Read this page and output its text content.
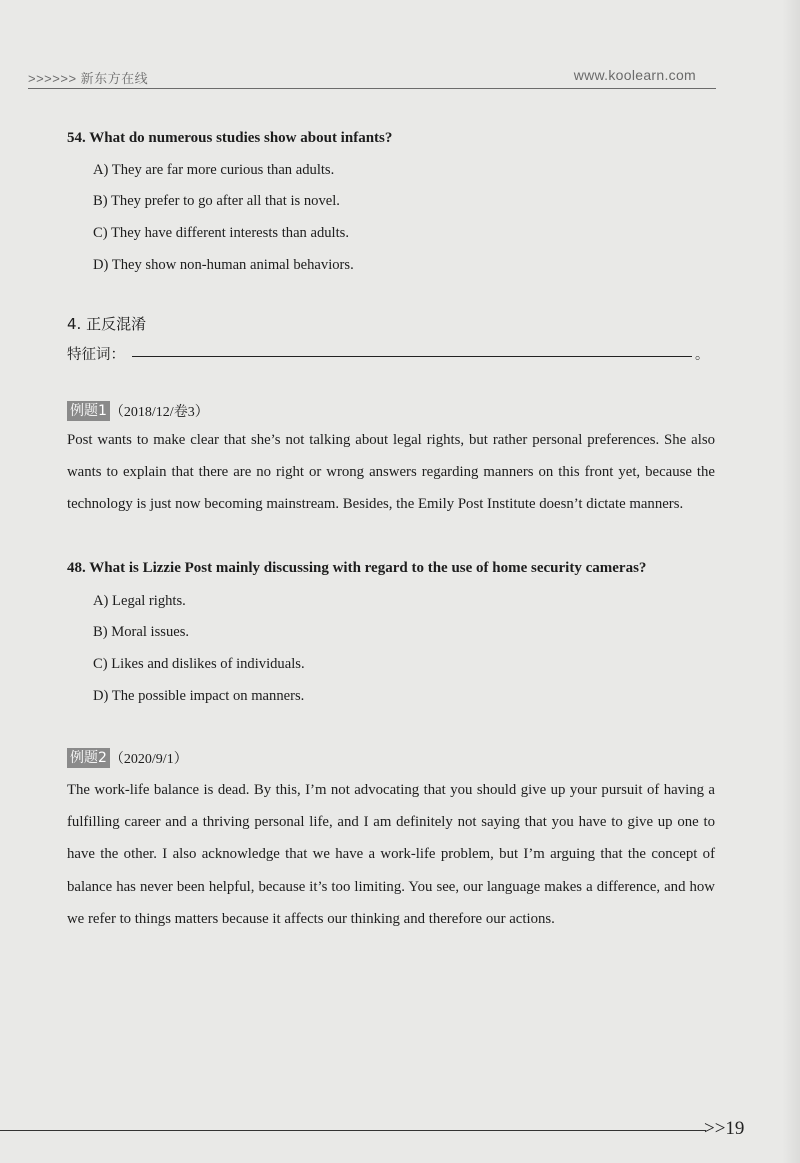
>>>>>> 新东方在线	www.koolearn.com
54. What do numerous studies show about infants?
A) They are far more curious than adults.
B) They prefer to go after all that is novel.
C) They have different interests than adults.
D) They show non-human animal behaviors.
4. 正反混淆
特征词：	。
例题1 （2018/12/卷3）
Post wants to make clear that she’s not talking about legal rights, but rather personal preferences. She also wants to explain that there are no right or wrong answers regarding manners on this front yet, because the technology is just now becoming mainstream. Besides, the Emily Post Institute doesn’t dictate manners.
48. What is Lizzie Post mainly discussing with regard to the use of home security cameras?
A) Legal rights.
B) Moral issues.
C) Likes and dislikes of individuals.
D) The possible impact on manners.
例题2 （2020/9/1）
The work-life balance is dead. By this, I’m not advocating that you should give up your pursuit of having a fulfilling career and a thriving personal life, and I am definitely not saying that you have to give up one to have the other. I also acknowledge that we have a work-life problem, but I’m arguing that the concept of balance has never been helpful, because it’s too limiting. You see, our language makes a difference, and how we refer to things matters because it affects our thinking and therefore our actions.
>>19
